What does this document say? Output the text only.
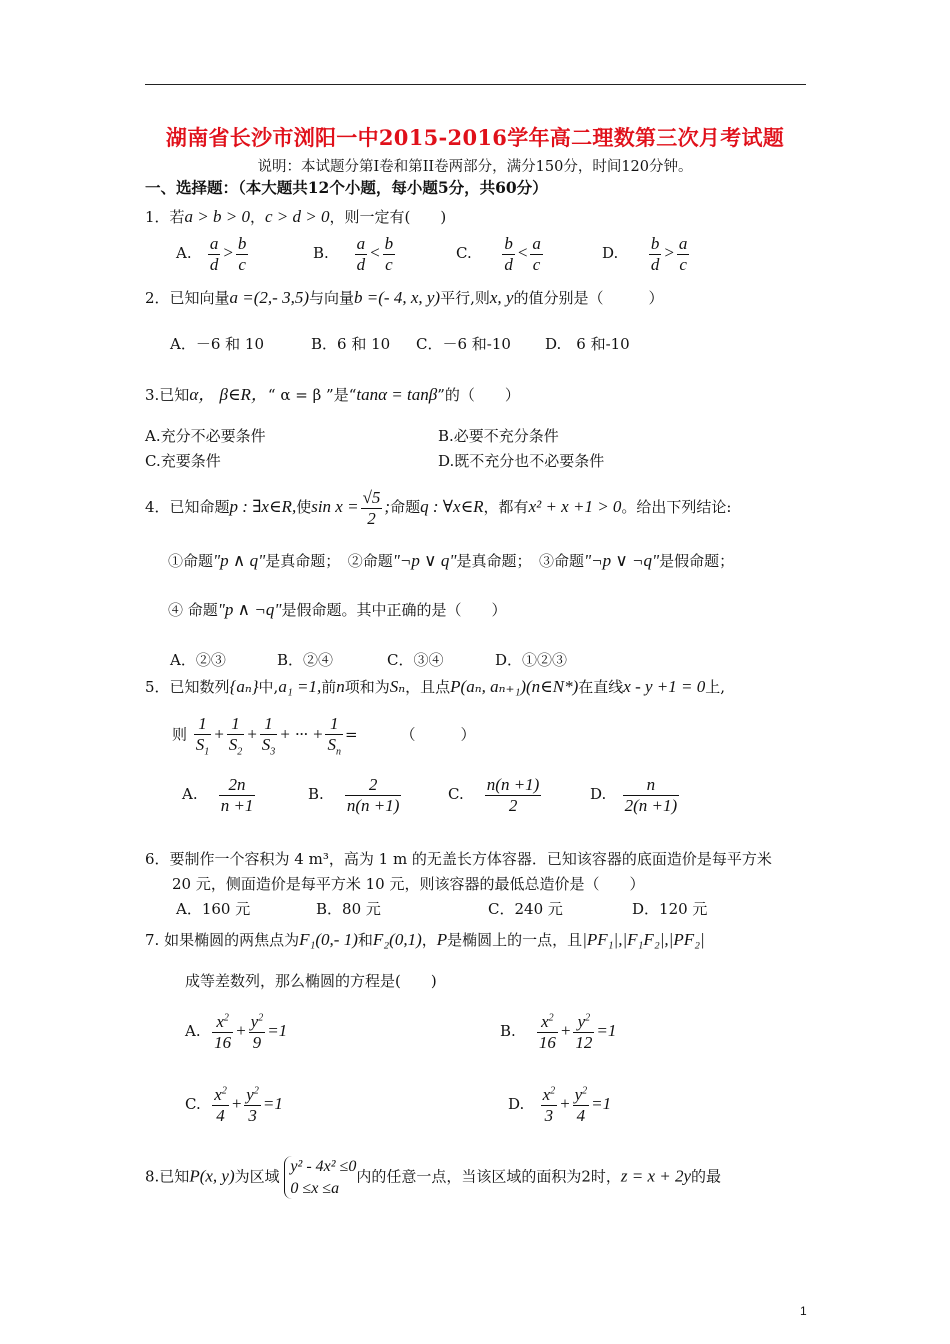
湖南省长沙市浏阳一中2015-2016学年高二理数第三次月考试题
说明：本试题分第I卷和第II卷两部分，满分150分，时间120分钟。
一、选择题：（本大题共12个小题，每小题5分，共60分）
1．若a > b > 0，c > d > 0，则一定有(　　)
A. $\frac{a}{d} > \frac{b}{c}$	B. $\frac{a}{d} < \frac{b}{c}$	C. $\frac{b}{d} < \frac{a}{c}$	D. $\frac{b}{d} > \frac{a}{c}$
2．已知向量a =(2,- 3,5)与向量b =(- 4, x, y)平行,则x, y的值分别是（　　　）
A．－6 和 10	B．6 和 10 C．－6 和-10 D.　6 和-10
3.已知α， β∈R，“ α = β ”是“tanα = tanβ”的（　　）
A.充分不必要条件	B.必要不充分条件
C.充要条件	D.既不充分也不必要条件
4．已知命题p : ∃x∈R,使$\sin x = \frac{√5}{2}$ ;命题q : ∀x∈R，都有x² + x +1 > 0。给出下列结论:
①命题"p ∧ q"是真命题；　②命题"¬p ∨ q"是真命题；　③命题"¬p ∨ ¬q"是假命题；
④ 命题"p ∧ ¬q"是假命题。其中正确的是（　　）
A．②③	B．②④	C．③④	D．①②③
5．已知数列{aₙ}中,a₁ =1,前n项和为Sₙ，且点P(aₙ, aₙ₊₁)(n∈N*)在直线x - y +1 = 0上,
则 $\frac{1}{S_1} + \frac{1}{S_2} + \frac{1}{S_3}$ + ··· + $\frac{1}{S_n}$ =	（　　　）
A. $\frac{2n}{n +1}$	B. $\frac{2}{n(n +1)}$	C. $\frac{n(n +1)}{2}$	D. $\frac{n}{2(n +1)}$
6．要制作一个容积为 4 m³，高为 1 m 的无盖长方体容器．已知该容器的底面造价是每平方米
20 元，侧面造价是每平方米 10 元，则该容器的最低总造价是（　　）
A．160 元	B．80 元	C．240 元	D．120 元
7. 如果椭圆的两焦点为F₁(0,- 1)和F₂(0,1)，P是椭圆上的一点，且|PF₁|,|F₁F₂|,|PF₂|
成等差数列，那么椭圆的方程是(　　)
A. $\frac{x^2}{16} + \frac{y^2}{9} =1$	B. $\frac{x^2}{16} + \frac{y^2}{12} =1$
C. $\frac{x^2}{4} + \frac{y^2}{3} =1$	D. $\frac{x^2}{3} + \frac{y^2}{4} =1$
8.已知P(x, y)为区域
y² - 4x² ≤0
0 ≤x ≤a
内的任意一点，当该区域的面积为2时，z = x + 2y的最
1
